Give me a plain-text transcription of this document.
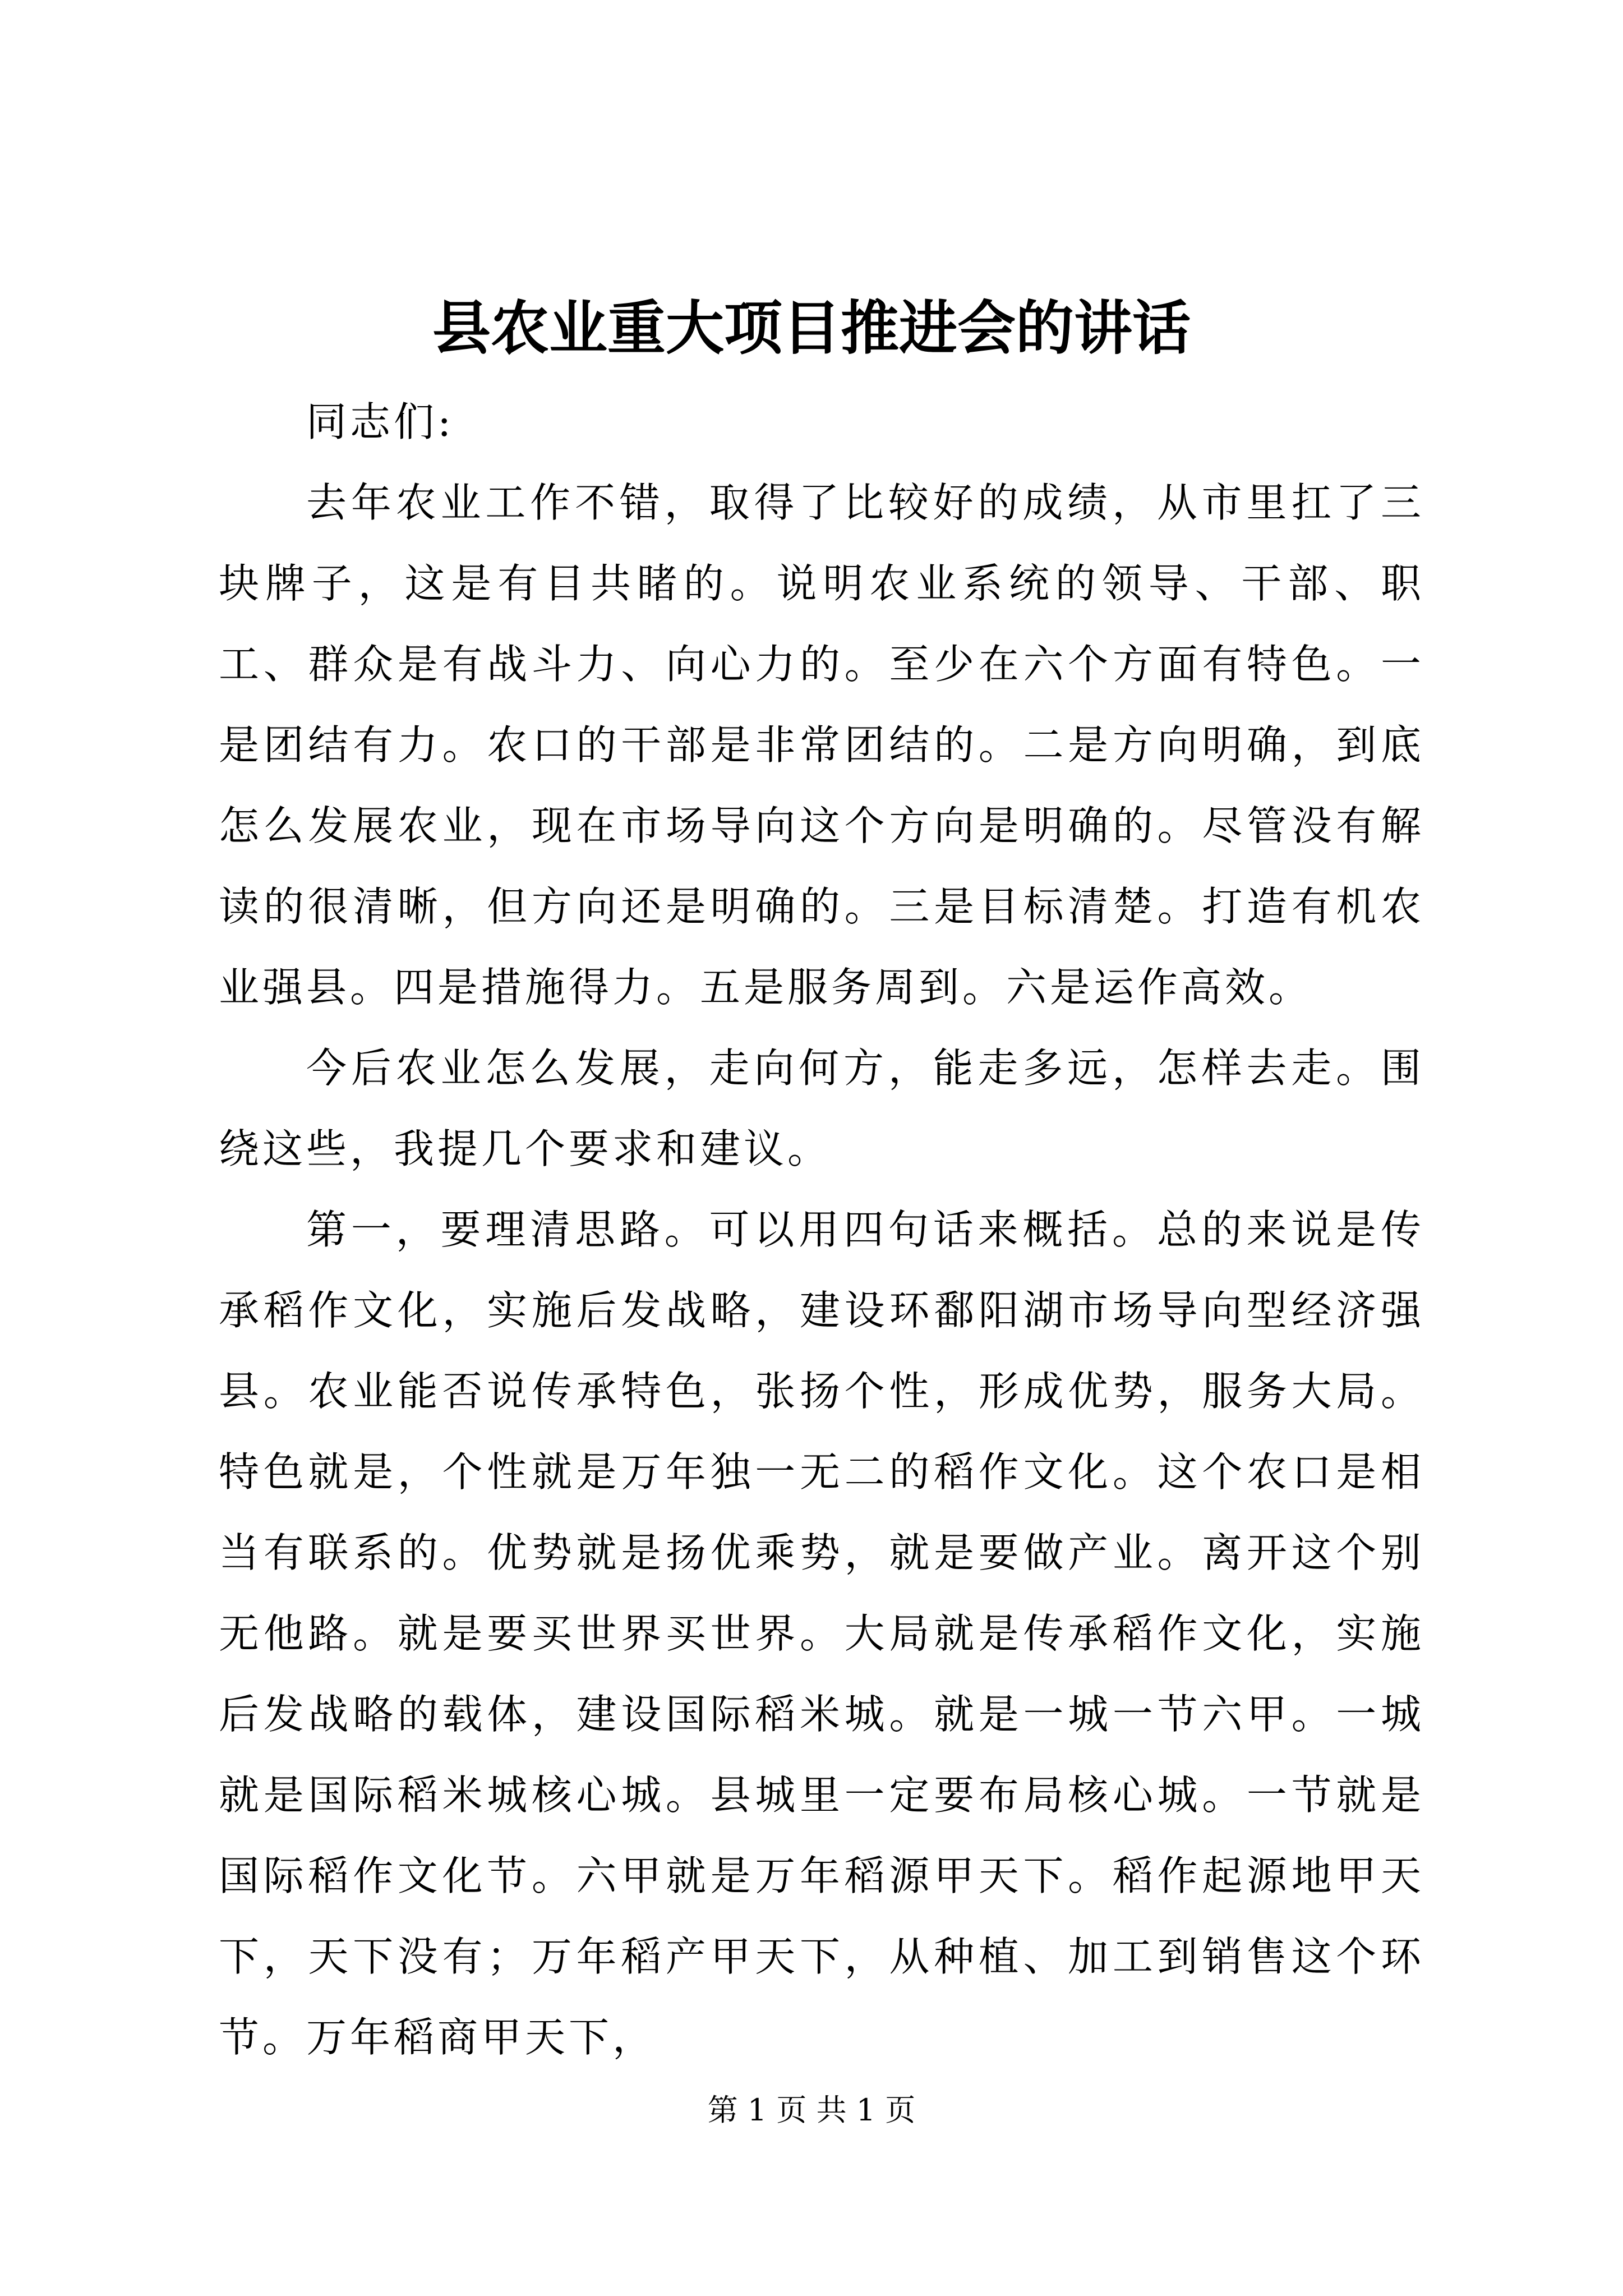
县农业重大项目推进会的讲话

同志们:

去年农业工作不错，取得了比较好的成绩，从市里扛了三块牌子，这是有目共睹的。说明农业系统的领导、干部、职工、群众是有战斗力、向心力的。至少在六个方面有特色。一是团结有力。农口的干部是非常团结的。二是方向明确，到底怎么发展农业，现在市场导向这个方向是明确的。尽管没有解读的很清晰，但方向还是明确的。三是目标清楚。打造有机农业强县。四是措施得力。五是服务周到。六是运作高效。

今后农业怎么发展，走向何方，能走多远，怎样去走。围绕这些，我提几个要求和建议。

第一，要理清思路。可以用四句话来概括。总的来说是传承稻作文化，实施后发战略，建设环鄱阳湖市场导向型经济强县。农业能否说传承特色，张扬个性，形成优势，服务大局。特色就是，个性就是万年独一无二的稻作文化。这个农口是相当有联系的。优势就是扬优乘势，就是要做产业。离开这个别无他路。就是要买世界买世界。大局就是传承稻作文化，实施后发战略的载体，建设国际稻米城。就是一城一节六甲。一城就是国际稻米城核心城。县城里一定要布局核心城。一节就是国际稻作文化节。六甲就是万年稻源甲天下。稻作起源地甲天下，天下没有；万年稻产甲天下，从种植、加工到销售这个环节。万年稻商甲天下，

第 1 页 共 1 页
